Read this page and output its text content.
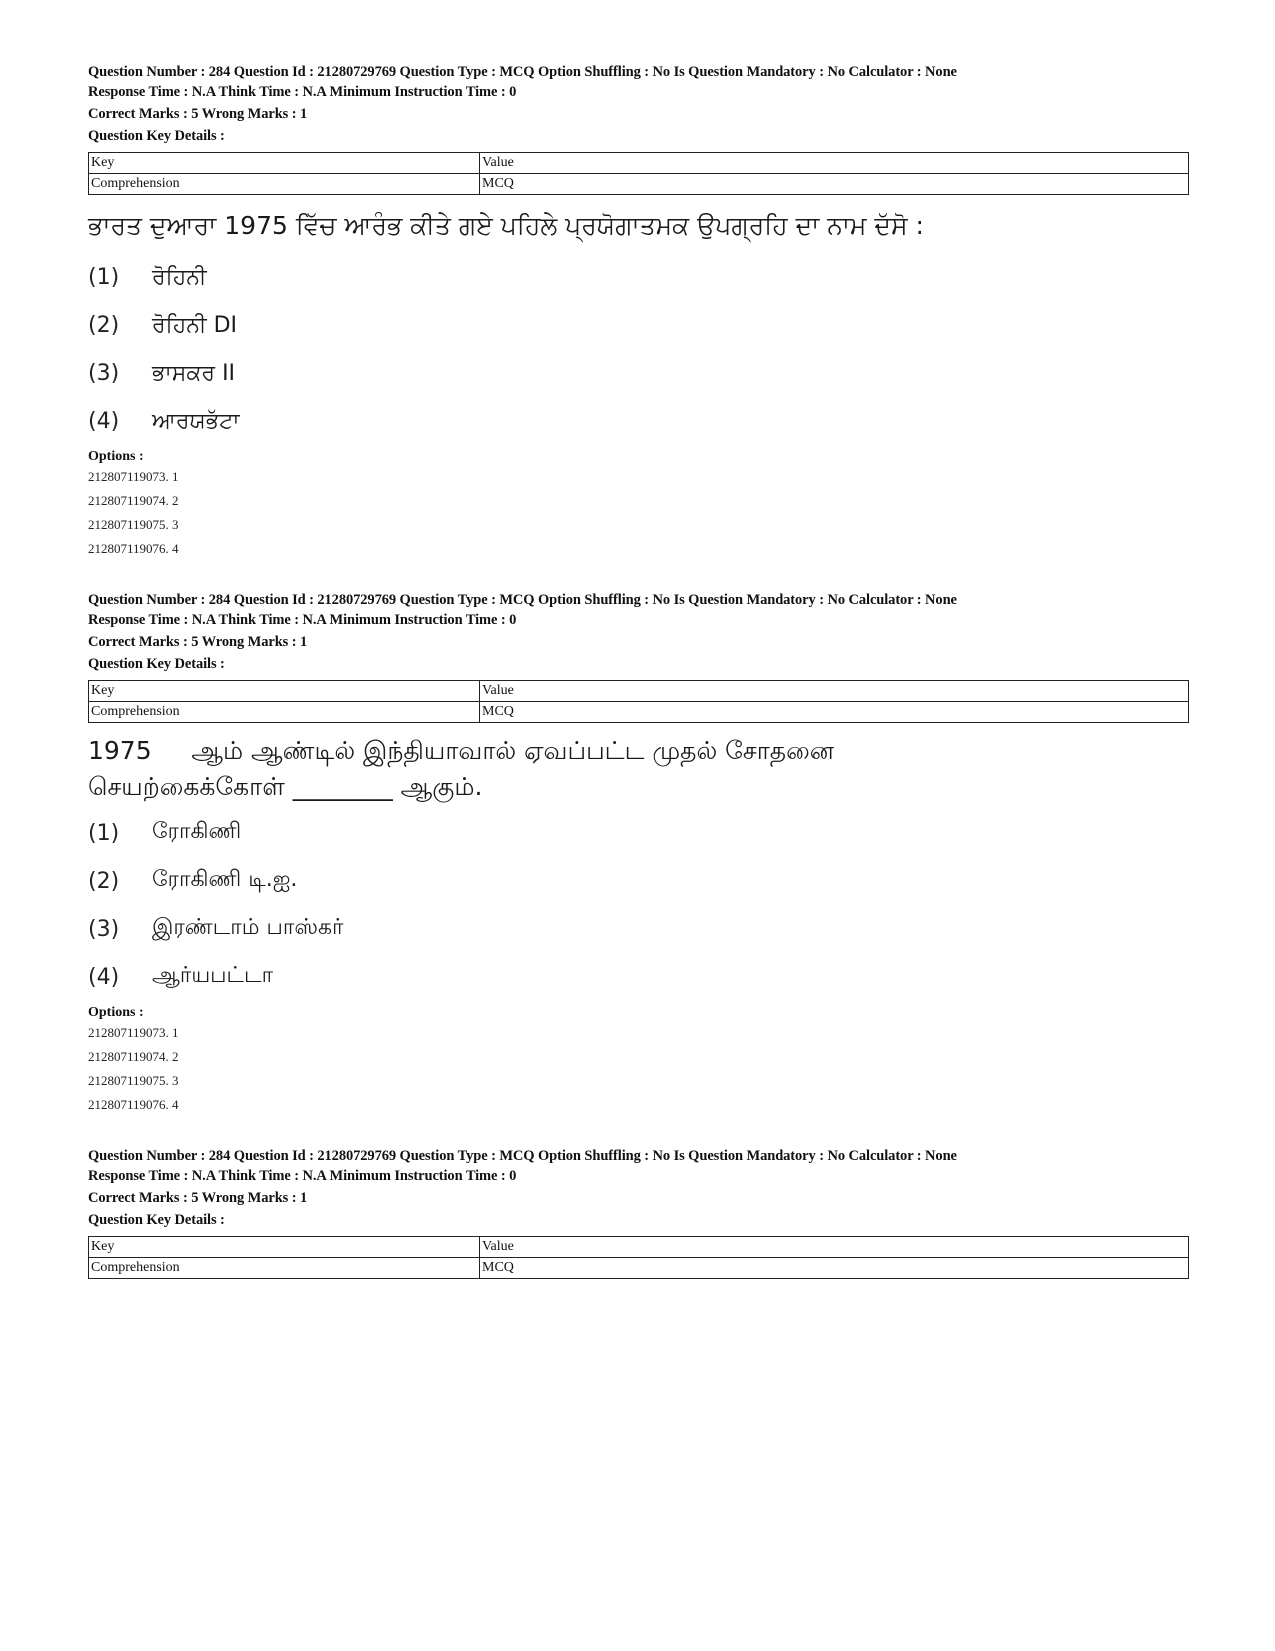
Question Number : 284 Question Id : 21280729769 Question Type : MCQ Option Shuffling : No Is Question Mandatory : No Calculator : None
Response Time : N.A Think Time : N.A Minimum Instruction Time : 0
Correct Marks : 5 Wrong Marks : 1
Question Key Details :
Key	Value
Comprehension	MCQ
ਭਾਰਤ ਦੁਆਰਾ 1975 ਵਿੱਚ ਆਰੰਭ ਕੀਤੇ ਗਏ ਪਹਿਲੇ ਪ੍ਰਯੋਗਾਤਮਕ ਉਪਗ੍ਰਹਿ ਦਾ ਨਾਮ ਦੱਸੋ :
(1)	ਰੋਹਿਨੀ
(2)	ਰੋਹਿਨੀ DI
(3)	ਭਾਸਕਰ II
(4)	ਆਰਯਭੱਟਾ
Options :
212807119073. 1
212807119074. 2
212807119075. 3
212807119076. 4
Question Number : 284 Question Id : 21280729769 Question Type : MCQ Option Shuffling : No Is Question Mandatory : No Calculator : None
Response Time : N.A Think Time : N.A Minimum Instruction Time : 0
Correct Marks : 5 Wrong Marks : 1
Question Key Details :
Key	Value
Comprehension	MCQ
1975     ஆம் ஆண்டில் இந்தியாவால் ஏவப்பட்ட முதல் சோதனை
செயற்கைக்கோள் ________ ஆகும்.
(1)	ரோகிணி
(2)	ரோகிணி டி.ஐ.
(3)	இரண்டாம் பாஸ்கர்
(4)	ஆர்யபட்டா
Options :
212807119073. 1
212807119074. 2
212807119075. 3
212807119076. 4
Question Number : 284 Question Id : 21280729769 Question Type : MCQ Option Shuffling : No Is Question Mandatory : No Calculator : None
Response Time : N.A Think Time : N.A Minimum Instruction Time : 0
Correct Marks : 5 Wrong Marks : 1
Question Key Details :
Key	Value
Comprehension	MCQ
